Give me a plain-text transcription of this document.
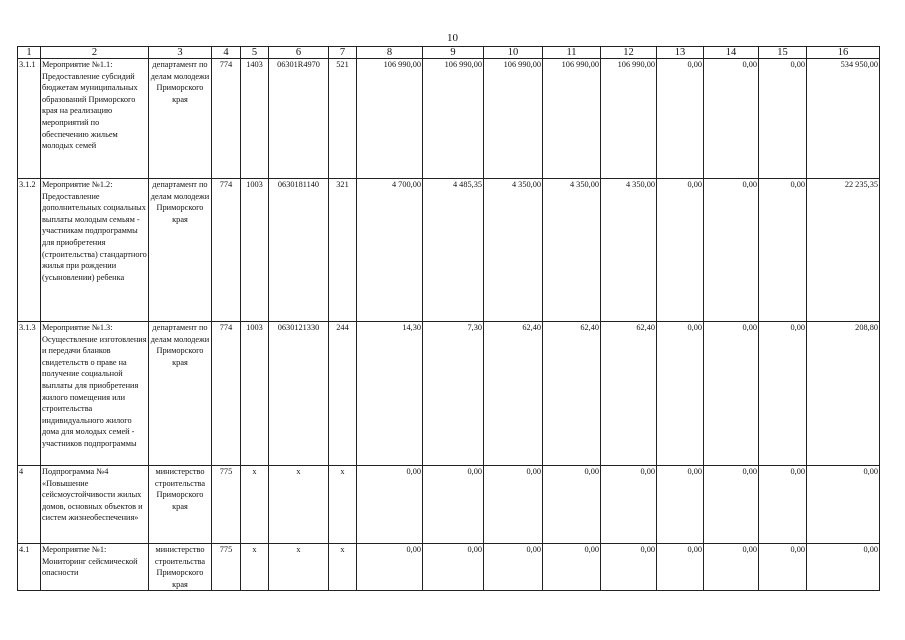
10
1	2	3	4	5	6	7	8	9	10	11	12	13	14	15	16
3.1.1	Мероприятие №1.1: Предоставление субсидий бюджетам муниципальных образований Приморского края на реализацию мероприятий по обеспечению жильем молодых семей	департамент по делам молодежи Приморского края	774	1403	06301R4970	521	106 990,00	106 990,00	106 990,00	106 990,00	106 990,00	0,00	0,00	0,00	534 950,00
3.1.2	Мероприятие №1.2: Предоставление дополнительных социальных выплаты молодым семьям - участникам подпрограммы для приобретения (строительства) стандартного жилья при рождении (усыновлении) ребенка	департамент по делам молодежи Приморского края	774	1003	0630181140	321	4 700,00	4 485,35	4 350,00	4 350,00	4 350,00	0,00	0,00	0,00	22 235,35
3.1.3	Мероприятие №1.3: Осуществление изготовления и передачи бланков свидетельств о праве на получение социальной выплаты для приобретения жилого помещения или строительства индивидуального жилого дома для молодых семей - участников подпрограммы	департамент по делам молодежи Приморского края	774	1003	0630121330	244	14,30	7,30	62,40	62,40	62,40	0,00	0,00	0,00	208,80
4	Подпрограмма №4 «Повышение сейсмоустойчивости жилых домов, основных объектов и систем жизнеобеспечения»	министерство строительства Приморского края	775	x	x	x	0,00	0,00	0,00	0,00	0,00	0,00	0,00	0,00	0,00
4.1	Мероприятие №1: Мониторинг сейсмической опасности	министерство строительства Приморского края	775	x	x	x	0,00	0,00	0,00	0,00	0,00	0,00	0,00	0,00	0,00
